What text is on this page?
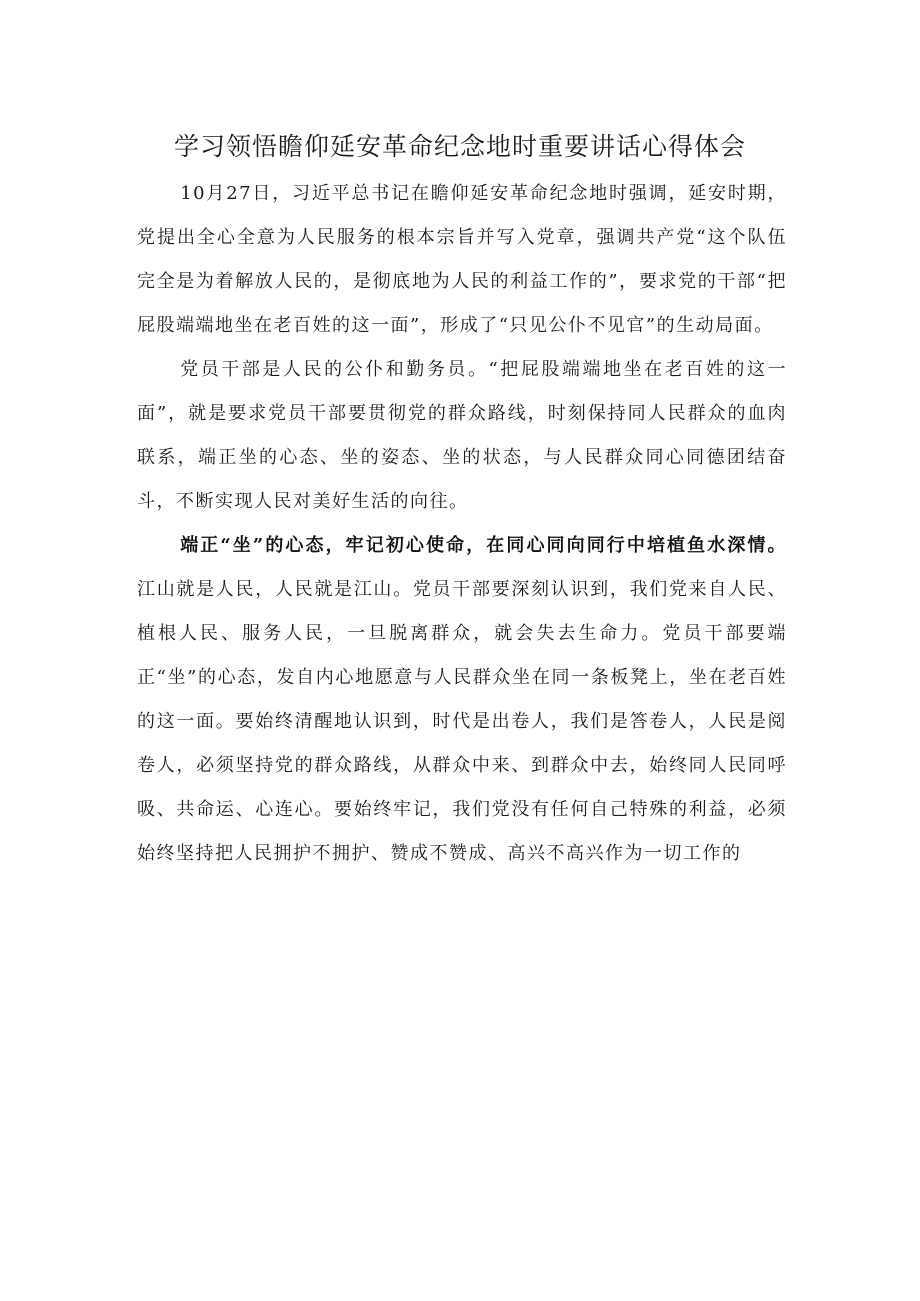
学习领悟瞻仰延安革命纪念地时重要讲话心得体会

10月27日，习近平总书记在瞻仰延安革命纪念地时强调，延安时期，党提出全心全意为人民服务的根本宗旨并写入党章，强调共产党“这个队伍完全是为着解放人民的，是彻底地为人民的利益工作的”，要求党的干部“把屁股端端地坐在老百姓的这一面”，形成了“只见公仆不见官”的生动局面。

党员干部是人民的公仆和勤务员。“把屁股端端地坐在老百姓的这一面”，就是要求党员干部要贯彻党的群众路线，时刻保持同人民群众的血肉联系，端正坐的心态、坐的姿态、坐的状态，与人民群众同心同德团结奋斗，不断实现人民对美好生活的向往。

端正“坐”的心态，牢记初心使命，在同心同向同行中培植鱼水深情。江山就是人民，人民就是江山。党员干部要深刻认识到，我们党来自人民、植根人民、服务人民，一旦脱离群众，就会失去生命力。党员干部要端正“坐”的心态，发自内心地愿意与人民群众坐在同一条板凳上，坐在老百姓的这一面。要始终清醒地认识到，时代是出卷人，我们是答卷人，人民是阅卷人，必须坚持党的群众路线，从群众中来、到群众中去，始终同人民同呼吸、共命运、心连心。要始终牢记，我们党没有任何自己特殊的利益，必须始终坚持把人民拥护不拥护、赞成不赞成、高兴不高兴作为一切工作的
